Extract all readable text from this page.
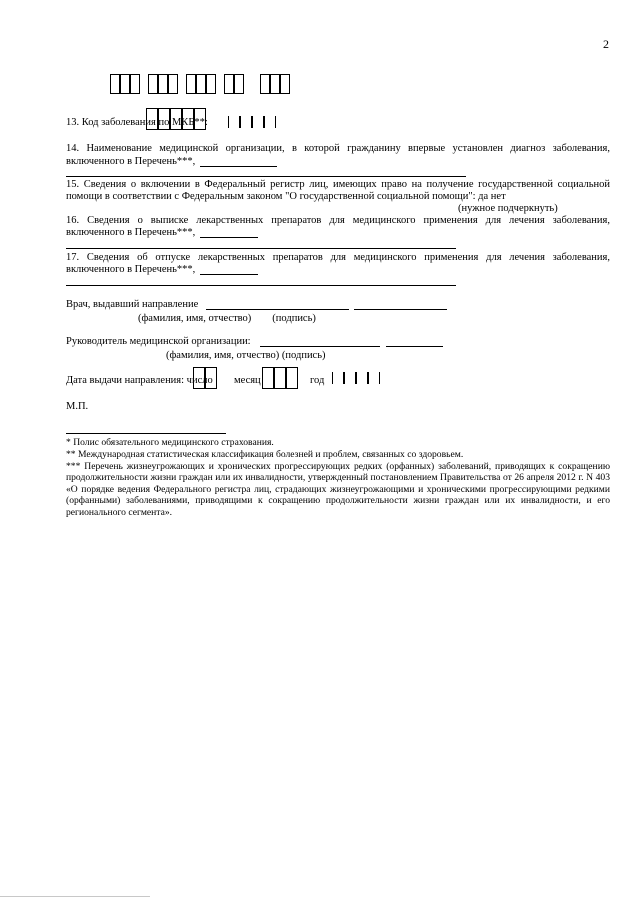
2
13. Код заболевания по МКБ**:
14. Наименование медицинской организации, в которой гражданину впервые установлен диагноз заболевания,
включенного в Перечень***,
15. Сведения о включении в Федеральный регистр лиц, имеющих право на получение государственной социальной
помощи в соответствии с Федеральным законом "О государственной социальной помощи": да нет
(нужное подчеркнуть)
16. Сведения о выписке лекарственных препаратов для медицинского применения для лечения заболевания,
включенного в Перечень***,
17. Сведения об отпуске лекарственных препаратов для медицинского применения для лечения заболевания,
включенного в Перечень***,
Врач, выдавший направление
(фамилия, имя, отчество)        (подпись)
Руководитель медицинской организации:
(фамилия, имя, отчество) (подпись)
Дата выдачи направления: число месяц	год
М.П.
* Полис обязательного медицинского страхования.
** Международная статистическая классификация болезней и проблем, связанных со здоровьем.
*** Перечень жизнеугрожающих и хронических прогрессирующих редких (орфанных) заболеваний, приводящих к сокращению продолжительности жизни граждан или их инвалидности, утвержденный постановлением Правительства от 26 апреля 2012 г. N 403 «О порядке ведения Федерального регистра лиц, страдающих жизнеугрожающими и хроническими прогрессирующими редкими (орфанными) заболеваниями, приводящими к сокращению продолжительности жизни граждан или их инвалидности, и его регионального сегмента».
